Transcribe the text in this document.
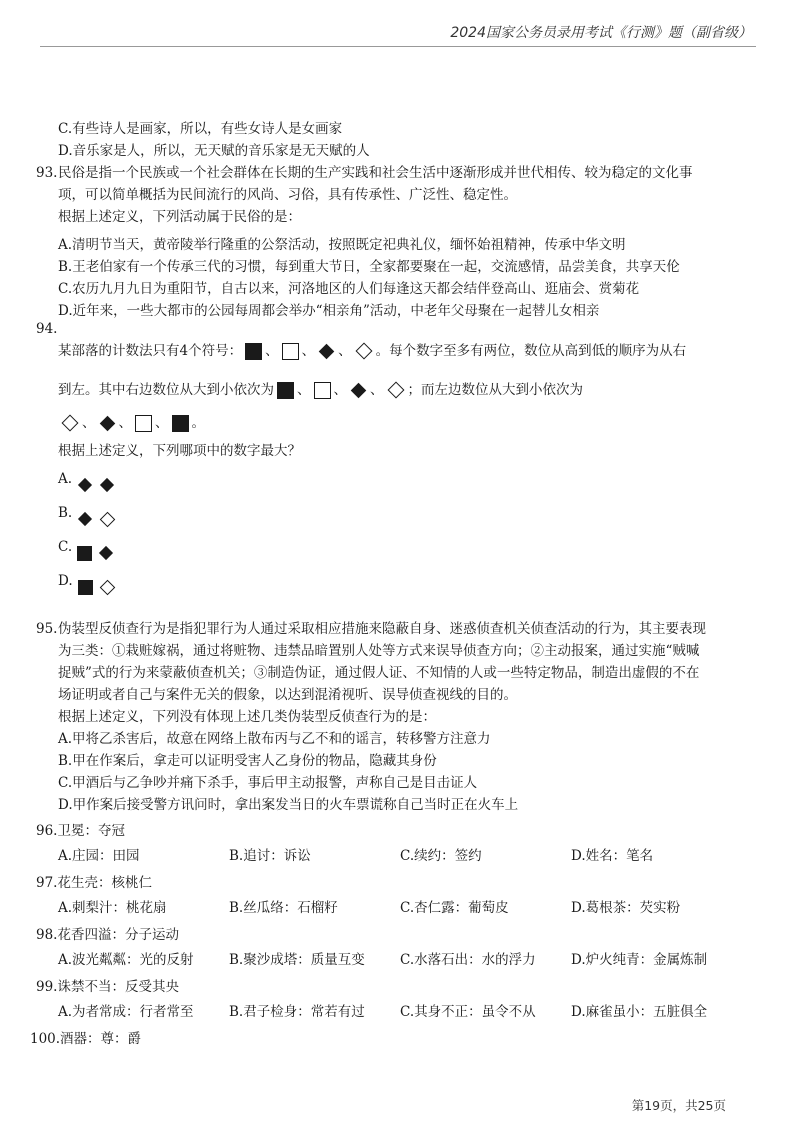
2024国家公务员录用考试《行测》题（副省级）
C.有些诗人是画家，所以，有些女诗人是女画家
D.音乐家是人，所以，无天赋的音乐家是无天赋的人
93.民俗是指一个民族或一个社会群体在长期的生产实践和社会生活中逐渐形成并世代相传、较为稳定的文化事
项，可以简单概括为民间流行的风尚、习俗，具有传承性、广泛性、稳定性。
根据上述定义，下列活动属于民俗的是：
A.清明节当天，黄帝陵举行隆重的公祭活动，按照既定祀典礼仪，缅怀始祖精神，传承中华文明
B.王老伯家有一个传承三代的习惯，每到重大节日，全家都要聚在一起，交流感情，品尝美食，共享天伦
C.农历九月九日为重阳节，自古以来，河洛地区的人们每逢这天都会结伴登高山、逛庙会、赏菊花
D.近年来，一些大都市的公园每周都会举办“相亲角”活动，中老年父母聚在一起替儿女相亲
94.
某部落的计数法只有4个符号： 、 、 、 。每个数字至多有两位，数位从高到低的顺序为从右
到左。其中右边数位从大到小依次为 、 、 、 ；而左边数位从大到小依次为
、 、 、 。
根据上述定义，下列哪项中的数字最大？
A.
B.
C.
D.
95.伪装型反侦查行为是指犯罪行为人通过采取相应措施来隐蔽自身、迷惑侦查机关侦查活动的行为，其主要表现
为三类：①栽赃嫁祸，通过将赃物、违禁品暗置别人处等方式来误导侦查方向；②主动报案，通过实施“贼喊
捉贼”式的行为来蒙蔽侦查机关；③制造伪证，通过假人证、不知情的人或一些特定物品，制造出虚假的不在
场证明或者自己与案件无关的假象，以达到混淆视听、误导侦查视线的目的。
根据上述定义，下列没有体现上述几类伪装型反侦查行为的是：
A.甲将乙杀害后，故意在网络上散布丙与乙不和的谣言，转移警方注意力
B.甲在作案后，拿走可以证明受害人乙身份的物品，隐藏其身份
C.甲酒后与乙争吵并痛下杀手，事后甲主动报警，声称自己是目击证人
D.甲作案后接受警方讯问时，拿出案发当日的火车票谎称自己当时正在火车上
96.卫冕：夺冠
A.庄园：田园	B.追讨：诉讼	C.续约：签约	D.姓名：笔名
97.花生壳：核桃仁
A.刺梨汁：桃花扇	B.丝瓜络：石榴籽	C.杏仁露：葡萄皮	D.葛根茶：芡实粉
98.花香四溢：分子运动
A.波光粼粼：光的反射	B.聚沙成塔：质量互变	C.水落石出：水的浮力	D.炉火纯青：金属炼制
99.诛禁不当：反受其央
A.为者常成：行者常至	B.君子检身：常若有过	C.其身不正：虽令不从	D.麻雀虽小：五脏俱全
100.酒器：尊：爵
第19页，共25页
